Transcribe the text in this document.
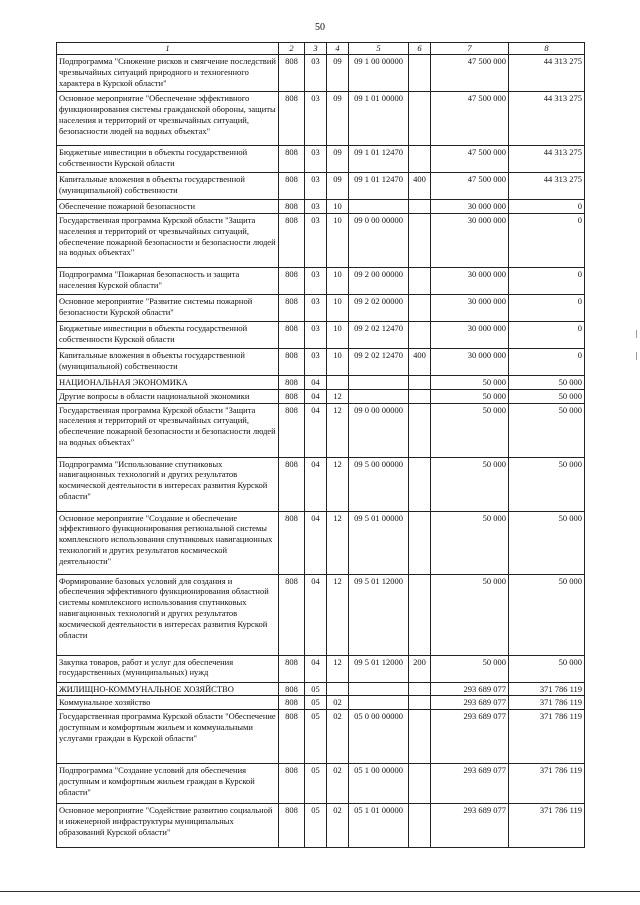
50
1	2	3	4	5	6	7	8
Подпрограмма "Снижение рисков и смягчение последствий чрезвычайных ситуаций природного и техногенного характера в Курской области"	808	03	09	09 1 00 00000		47 500 000	44 313 275
Основное мероприятие "Обеспечение эффективного функционирования системы гражданской обороны, защиты населения и территорий от чрезвычайных ситуаций, безопасности людей на водных объектах"	808	03	09	09 1 01 00000		47 500 000	44 313 275
Бюджетные инвестиции в объекты государственной собственности Курской области	808	03	09	09 1 01 12470		47 500 000	44 313 275
Капитальные вложения в объекты государственной (муниципальной) собственности	808	03	09	09 1 01 12470	400	47 500 000	44 313 275
Обеспечение пожарной безопасности	808	03	10			30 000 000	0
Государственная программа Курской области "Защита населения и территорий от чрезвычайных ситуаций, обеспечение пожарной безопасности и безопасности людей на водных объектах"	808	03	10	09 0 00 00000		30 000 000	0
Подпрограмма "Пожарная безопасность и защита населения Курской области"	808	03	10	09 2 00 00000		30 000 000	0
Основное мероприятие "Развитие системы пожарной безопасности Курской области"	808	03	10	09 2 02 00000		30 000 000	0
Бюджетные инвестиции в объекты государственной собственности Курской области	808	03	10	09 2 02 12470		30 000 000	0
Капитальные вложения в объекты государственной (муниципальной) собственности	808	03	10	09 2 02 12470	400	30 000 000	0
НАЦИОНАЛЬНАЯ ЭКОНОМИКА	808	04				50 000	50 000
Другие вопросы в области национальной экономики	808	04	12			50 000	50 000
Государственная программа Курской области "Защита населения и территорий от чрезвычайных ситуаций, обеспечение пожарной безопасности и безопасности людей на водных объектах"	808	04	12	09 0 00 00000		50 000	50 000
Подпрограмма "Использование спутниковых навигационных технологий и других результатов космической деятельности в интересах развития Курской области"	808	04	12	09 5 00 00000		50 000	50 000
Основное мероприятие "Создание и обеспечение эффективного функционирования региональной системы комплексного использования спутниковых навигационных технологий и других результатов космической деятельности"	808	04	12	09 5 01 00000		50 000	50 000
Формирование базовых условий для создания и обеспечения эффективного функционирования областной системы комплексного использования спутниковых навигационных технологий и других результатов космической деятельности в интересах развития Курской области	808	04	12	09 5 01 12000		50 000	50 000
Закупка товаров, работ и услуг для обеспечения государственных (муниципальных) нужд	808	04	12	09 5 01 12000	200	50 000	50 000
ЖИЛИЩНО-КОММУНАЛЬНОЕ ХОЗЯЙСТВО	808	05				293 689 077	371 786 119
Коммунальное хозяйство	808	05	02			293 689 077	371 786 119
Государственная программа Курской области "Обеспечение доступным и комфортным жильем и коммунальными услугами граждан в Курской области"	808	05	02	05 0 00 00000		293 689 077	371 786 119
Подпрограмма "Создание условий для обеспечения доступным и комфортным жильем граждан в Курской области"	808	05	02	05 1 00 00000		293 689 077	371 786 119
Основное мероприятие "Содействие развитию социальной и инженерной инфраструктуры муниципальных образований Курской области"	808	05	02	05 1 01 00000		293 689 077	371 786 119
